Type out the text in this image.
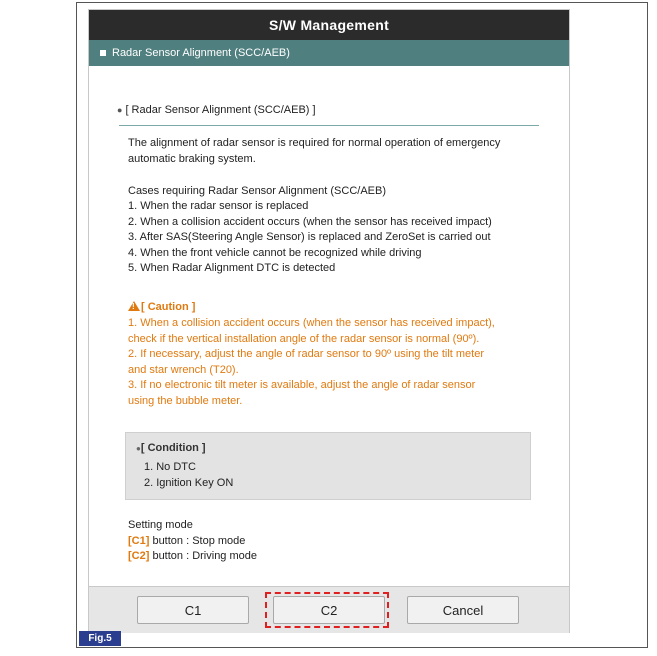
S/W Management
Radar Sensor Alignment (SCC/AEB)
● [ Radar Sensor Alignment (SCC/AEB) ]
The alignment of radar sensor is required for normal operation of emergency
automatic braking system.
Cases requiring Radar Sensor Alignment (SCC/AEB)
1. When the radar sensor is replaced
2. When a collision accident occurs (when the sensor has received impact)
3. After SAS(Steering Angle Sensor) is replaced and ZeroSet is carried out
4. When the front vehicle cannot be recognized while driving
5. When Radar Alignment DTC is detected
![ Caution ]
1. When a collision accident occurs (when the sensor has received impact),
check if the vertical installation angle of the radar sensor is normal (90º).
2. If necessary, adjust the angle of radar sensor to 90º using the tilt meter
and star wrench (T20).
3. If no electronic tilt meter is available, adjust the angle of radar sensor
using the bubble meter.
●[ Condition ]
1. No DTC
2. Ignition Key ON
Setting mode
[C1] button : Stop mode
[C2] button : Driving mode
C1	C2	Cancel
Fig.5
